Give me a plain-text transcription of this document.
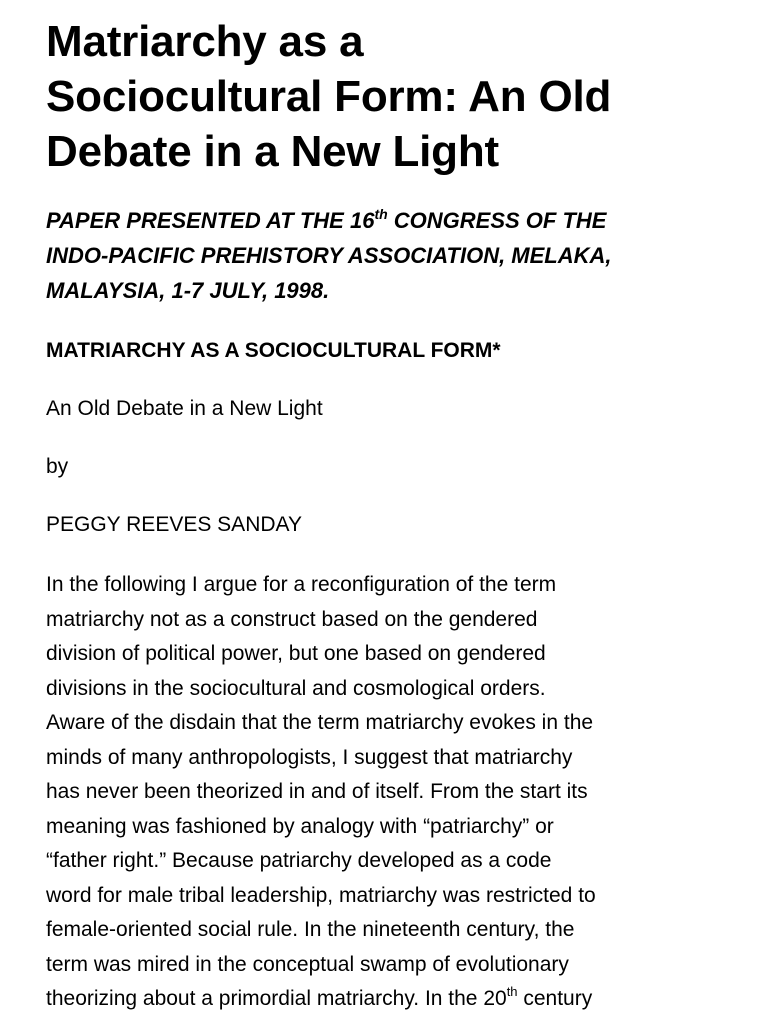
Matriarchy as a
Sociocultural Form: An Old
Debate in a New Light
PAPER PRESENTED AT THE 16th CONGRESS OF THE
INDO-PACIFIC PREHISTORY ASSOCIATION, MELAKA,
MALAYSIA, 1-7 JULY, 1998.
MATRIARCHY AS A SOCIOCULTURAL FORM*
An Old Debate in a New Light
by
PEGGY REEVES SANDAY
In the following I argue for a reconfiguration of the term
matriarchy not as a construct based on the gendered
division of political power, but one based on gendered
divisions in the sociocultural and cosmological orders.
Aware of the disdain that the term matriarchy evokes in the
minds of many anthropologists, I suggest that matriarchy
has never been theorized in and of itself. From the start its
meaning was fashioned by analogy with “patriarchy” or
“father right.” Because patriarchy developed as a code
word for male tribal leadership, matriarchy was restricted to
female-oriented social rule. In the nineteenth century, the
term was mired in the conceptual swamp of evolutionary
theorizing about a primordial matriarchy. In the 20th century
